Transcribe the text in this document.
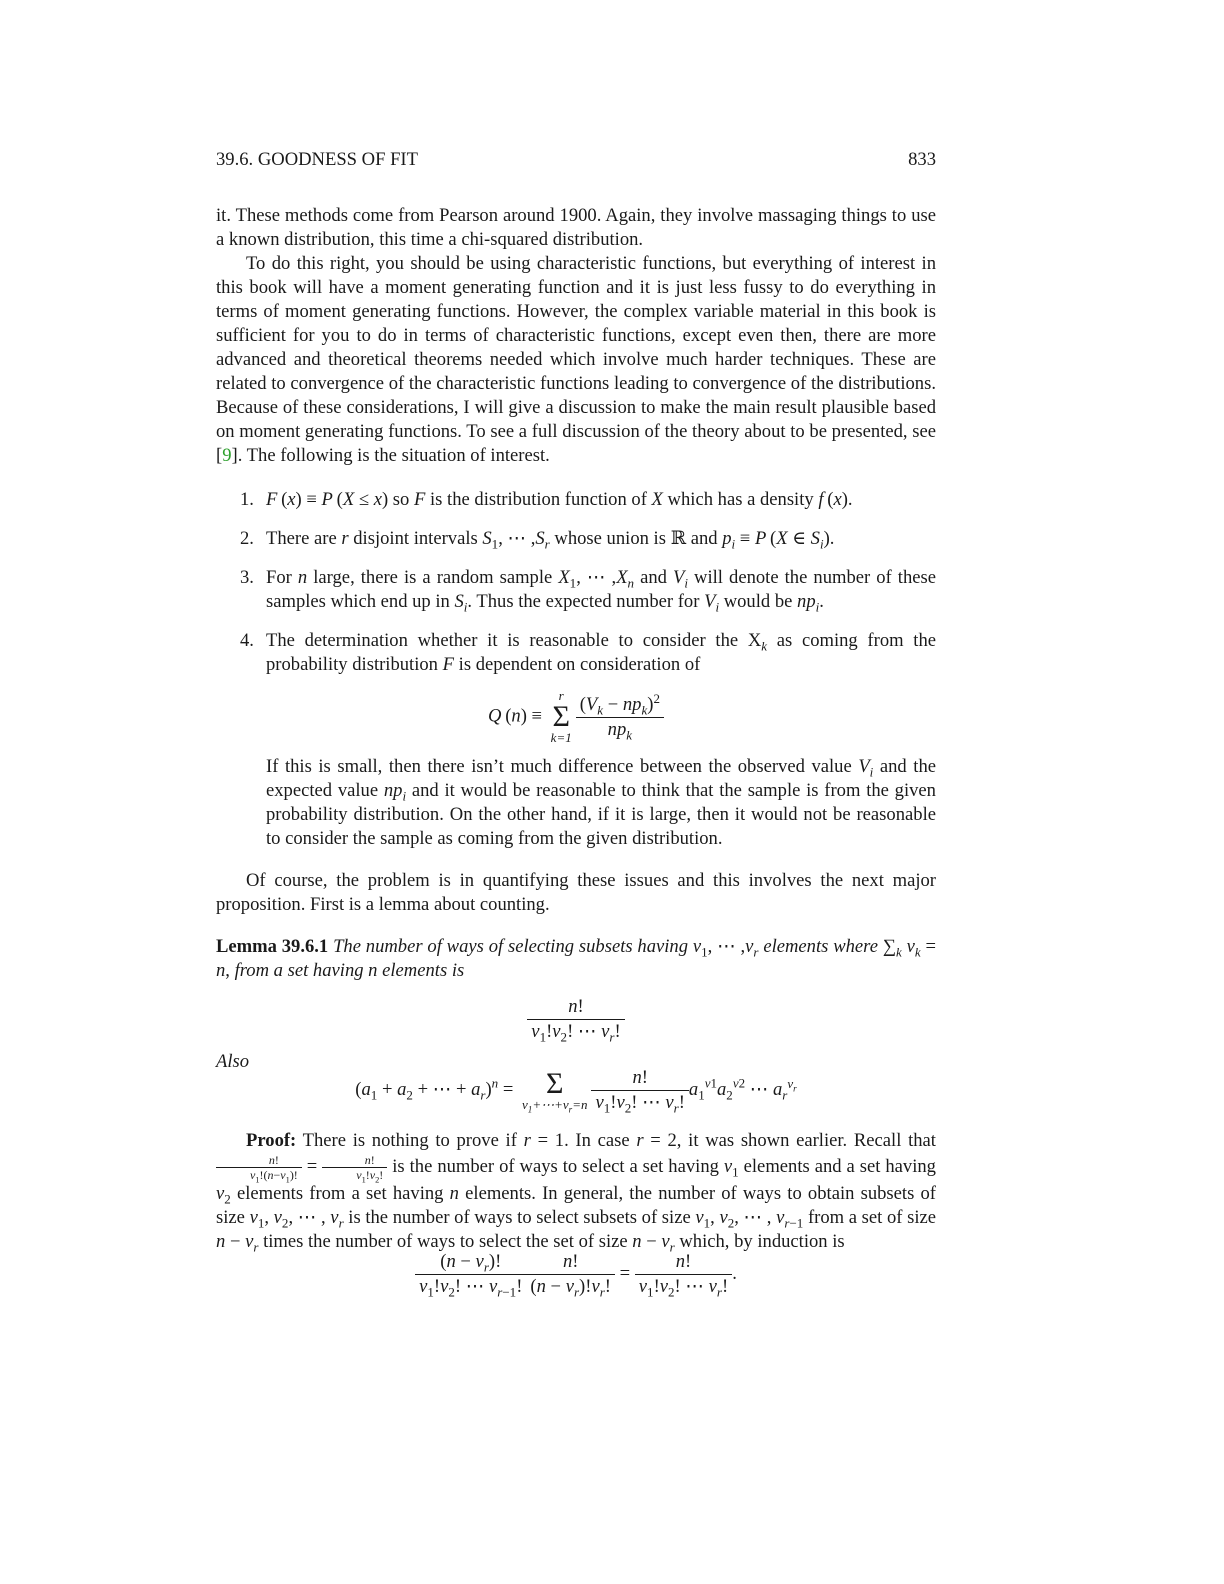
39.6. GOODNESS OF FIT	833

it. These methods come from Pearson around 1900. Again, they involve massaging things to use a known distribution, this time a chi-squared distribution.

To do this right, you should be using characteristic functions, but everything of interest in this book will have a moment generating function and it is just less fussy to do everything in terms of moment generating functions. However, the complex variable material in this book is sufficient for you to do in terms of characteristic functions, except even then, there are more advanced and theoretical theorems needed which involve much harder techniques. These are related to convergence of the characteristic functions leading to convergence of the distributions. Because of these considerations, I will give a discussion to make the main result plausible based on moment generating functions. To see a full discussion of the theory about to be presented, see [9]. The following is the situation of interest.

1. F (x) ≡ P (X ≤ x) so F is the distribution function of X which has a density f (x).
2. There are r disjoint intervals $S_1$, ⋯ $,S_r$ whose union is ℝ and $p_i \equiv P$ (X ∈ $S_i$).
3. For n large, there is a random sample $X_1$, ⋯ $,X_n$ and $V_i$ will denote the number of these samples which end up in $S_i$. Thus the expected number for $V_i$ would be $np_i$.
4. The determination whether it is reasonable to consider the $X_k$ as coming from the probability distribution F is dependent on consideration of
Q (n) ≡
r
Σ
$k=1 \frac{(V_k - np_k)^2}{np_k}$
If this is small, then there isn’t much difference between the observed value $V_i$ and the expected value $np_i$ and it would be reasonable to think that the sample is from the given probability distribution. On the other hand, if it is large, then it would not be reasonable to consider the sample as coming from the given distribution.

Of course, the problem is in quantifying these issues and this involves the next major proposition. First is a lemma about counting.

Lemma 39.6.1 The number of ways of selecting subsets having $v_1$, ⋯ $,v_r$ elements where $\sum_k$ $v_k = n$, from a set having n elements is

$\frac{n!}{v_1!v_2! \cdots v_r!}$

Also

($a_1 + a_2$ + ⋯ + $a_r)^n = \Sigma$
$v_1+\cdots+v_r=n \frac{n!}{v_1!v_2! \cdots v_r!} a_1^{v1}a_2^{v2}$ ⋯ $a_r^{v_r}$

Proof: There is nothing to prove if r = 1. In case r = 2, it was shown earlier. Recall that
$\frac{n!}{v_1!(n-v_1)!} = \frac{n!}{v_1!v_2!}$ is the number of ways to select a set having $v_1$ elements and a set having $v_2$ elements from a set having n elements. In general, the number of ways to obtain subsets of size $v_1$, $v_2$, ⋯ , $v_r$ is the number of ways to select subsets of size $v_1$, $v_2$, ⋯ , $v_{r-1}$ from a set of size $n - v_r$ times the number of ways to select the set of size $n - v_r$ which, by induction is

$\frac{(n - v_r)!}{v_1!v_2! \cdots v_{r-1}!} \frac{n!}{(n - v_r)!v_r!} = \frac{n!}{v_1!v_2! \cdots v_r!}$ .
